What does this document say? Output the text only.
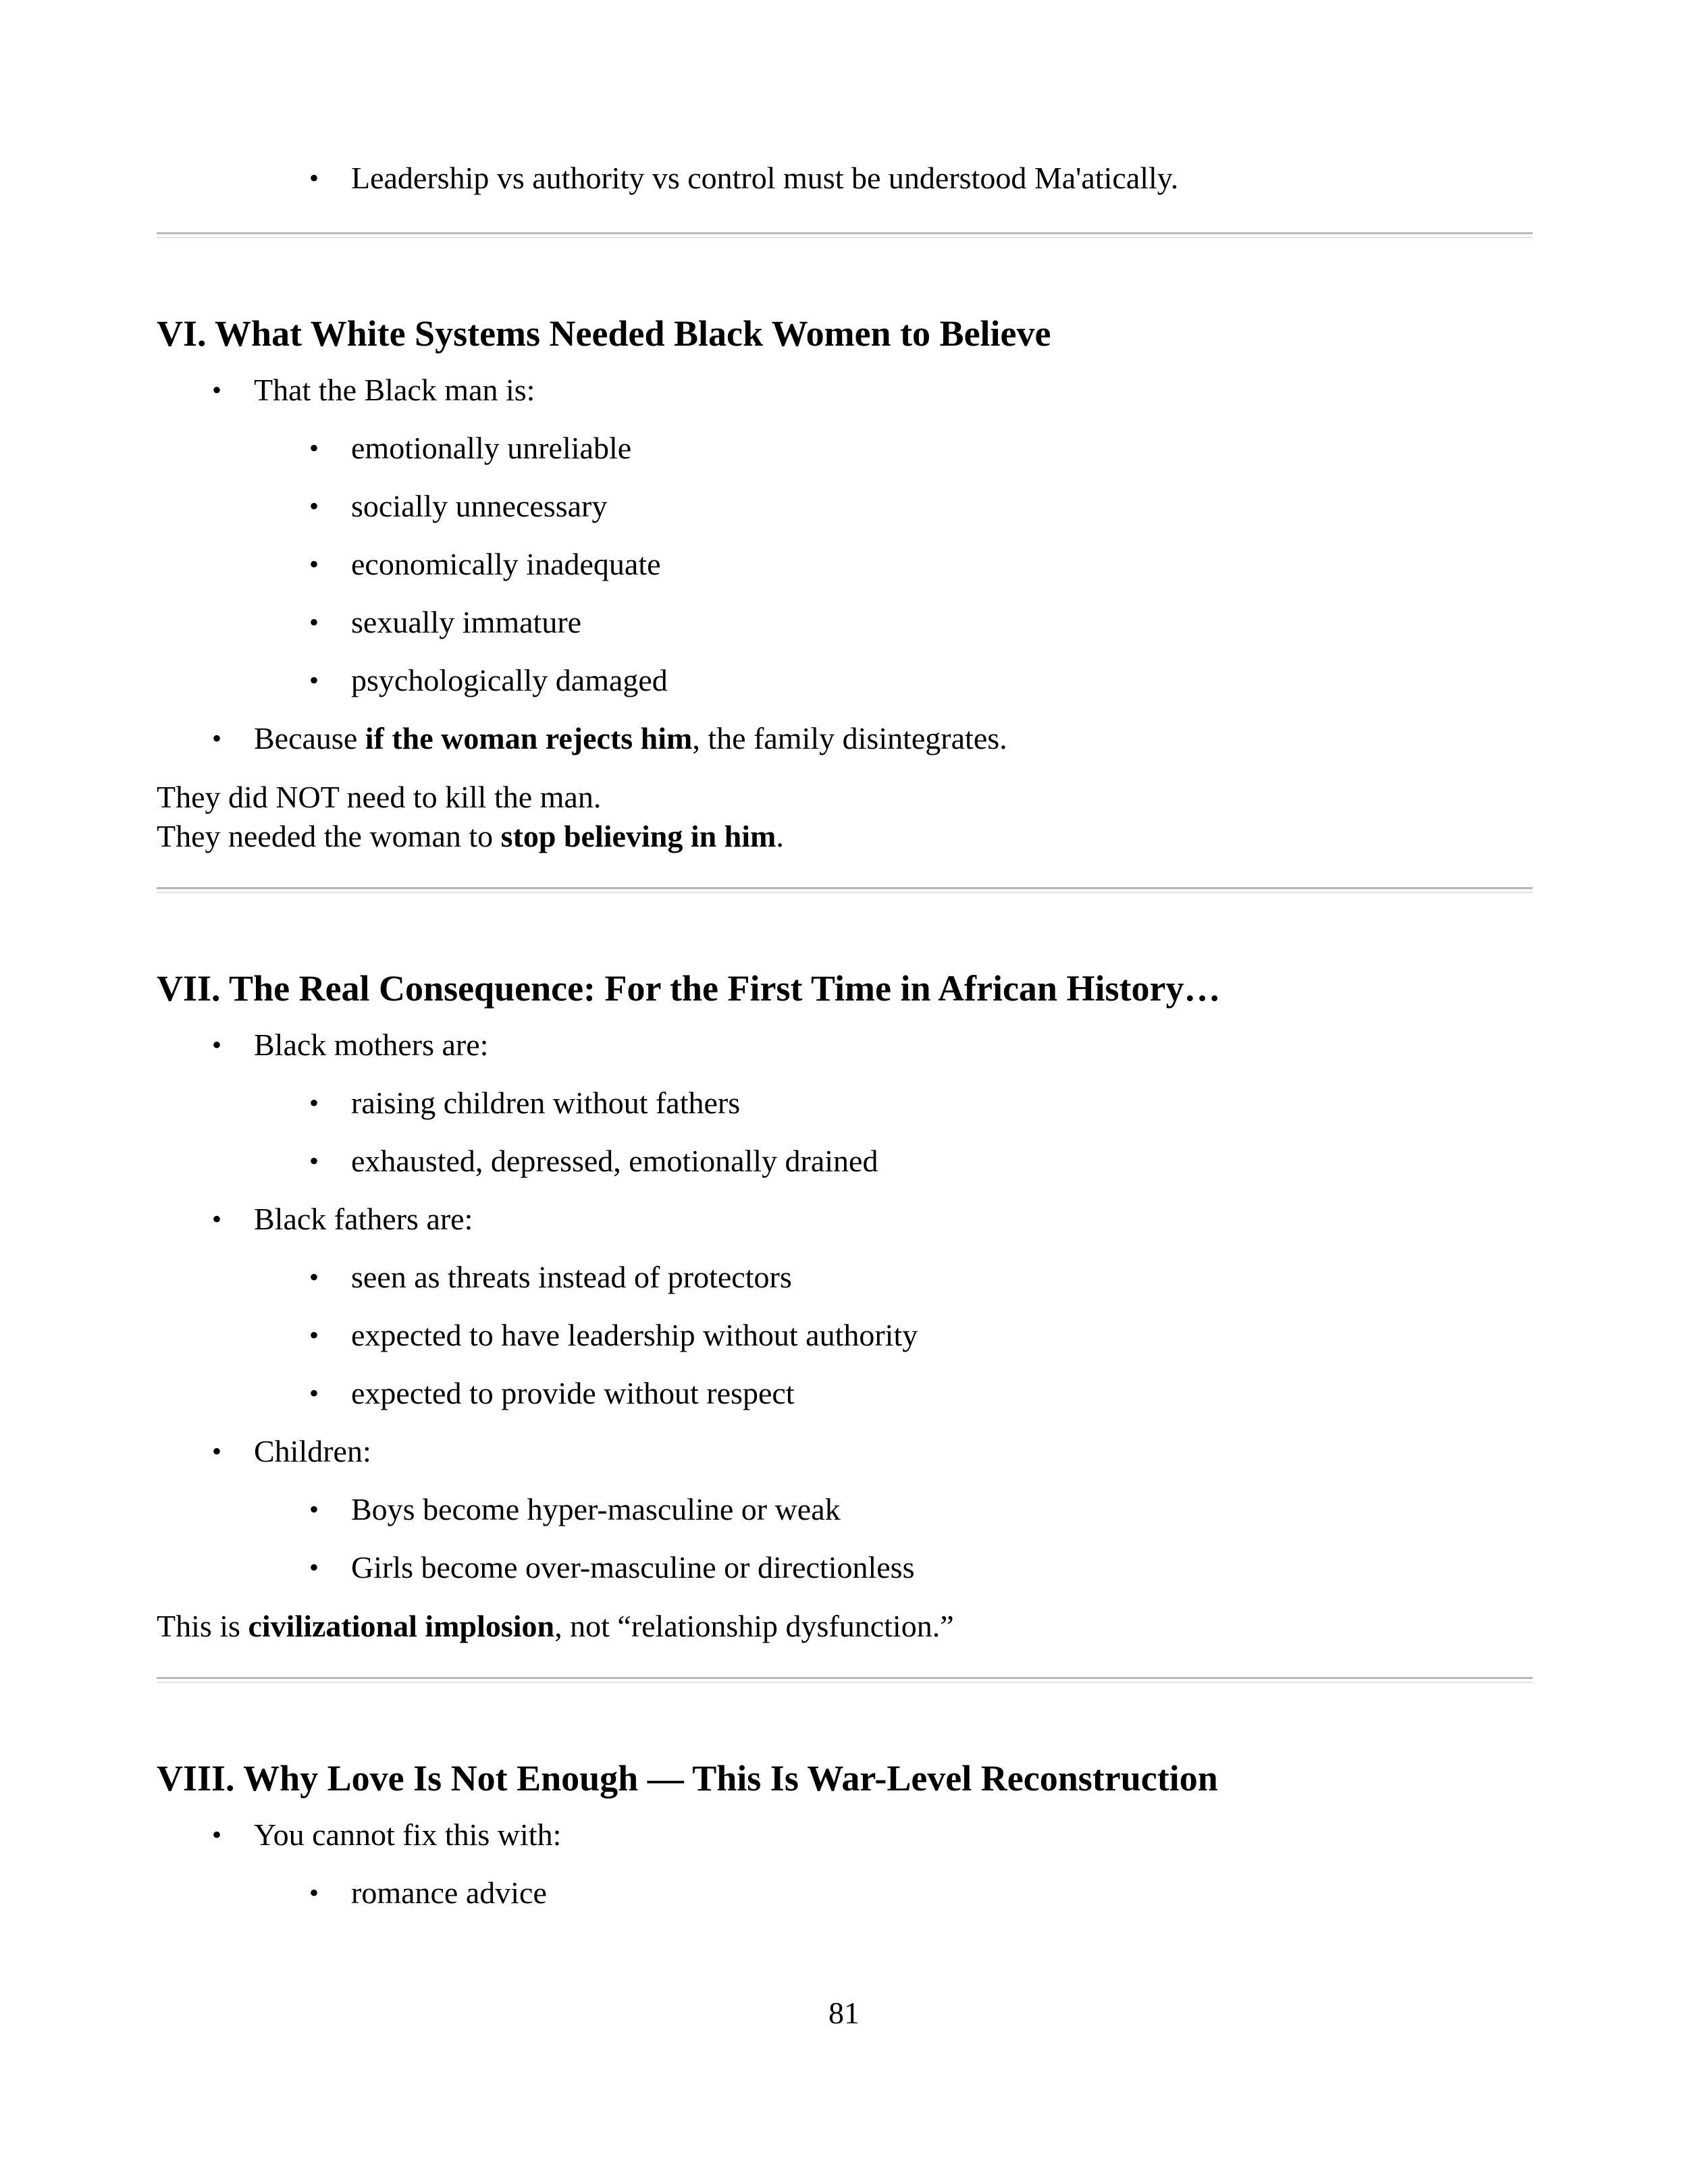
• Leadership vs authority vs control must be understood Ma'atically.
VI. What White Systems Needed Black Women to Believe
• That the Black man is:
• emotionally unreliable
• socially unnecessary
• economically inadequate
• sexually immature
• psychologically damaged
• Because if the woman rejects him, the family disintegrates.
They did NOT need to kill the man.
They needed the woman to stop believing in him.
VII. The Real Consequence: For the First Time in African History…
• Black mothers are:
• raising children without fathers
• exhausted, depressed, emotionally drained
• Black fathers are:
• seen as threats instead of protectors
• expected to have leadership without authority
• expected to provide without respect
• Children:
• Boys become hyper-masculine or weak
• Girls become over-masculine or directionless
This is civilizational implosion, not “relationship dysfunction.”
VIII. Why Love Is Not Enough — This Is War-Level Reconstruction
• You cannot fix this with:
• romance advice
81
